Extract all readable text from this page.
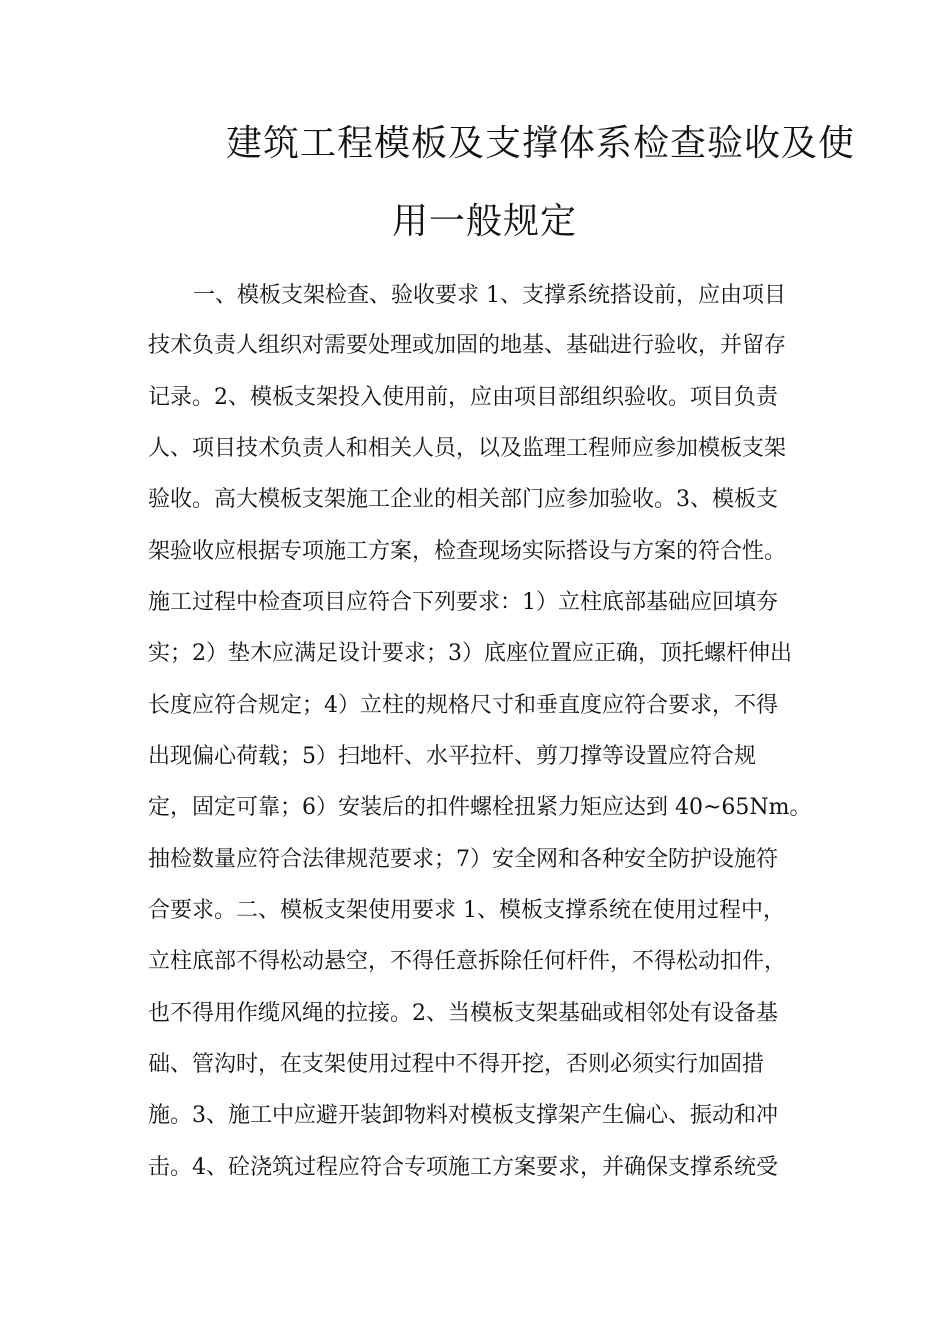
建筑工程模板及支撑体系检查验收及使
用一般规定
一、模板支架检查、验收要求 1、支撑系统搭设前，应由项目
技术负责人组织对需要处理或加固的地基、基础进行验收，并留存
记录。2、模板支架投入使用前，应由项目部组织验收。项目负责
人、项目技术负责人和相关人员，以及监理工程师应参加模板支架
验收。高大模板支架施工企业的相关部门应参加验收。3、模板支
架验收应根据专项施工方案，检查现场实际搭设与方案的符合性。
施工过程中检查项目应符合下列要求：1）立柱底部基础应回填夯
实；2）垫木应满足设计要求；3）底座位置应正确，顶托螺杆伸出
长度应符合规定；4）立柱的规格尺寸和垂直度应符合要求，不得
出现偏心荷载；5）扫地杆、水平拉杆、剪刀撑等设置应符合规
定，固定可靠；6）安装后的扣件螺栓扭紧力矩应达到 40~65Nm。
抽检数量应符合法律规范要求；7）安全网和各种安全防护设施符
合要求。二、模板支架使用要求 1、模板支撑系统在使用过程中，
立柱底部不得松动悬空，不得任意拆除任何杆件，不得松动扣件，
也不得用作缆风绳的拉接。2、当模板支架基础或相邻处有设备基
础、管沟时，在支架使用过程中不得开挖，否则必须实行加固措
施。3、施工中应避开装卸物料对模板支撑架产生偏心、振动和冲
击。4、砼浇筑过程应符合专项施工方案要求，并确保支撑系统受
